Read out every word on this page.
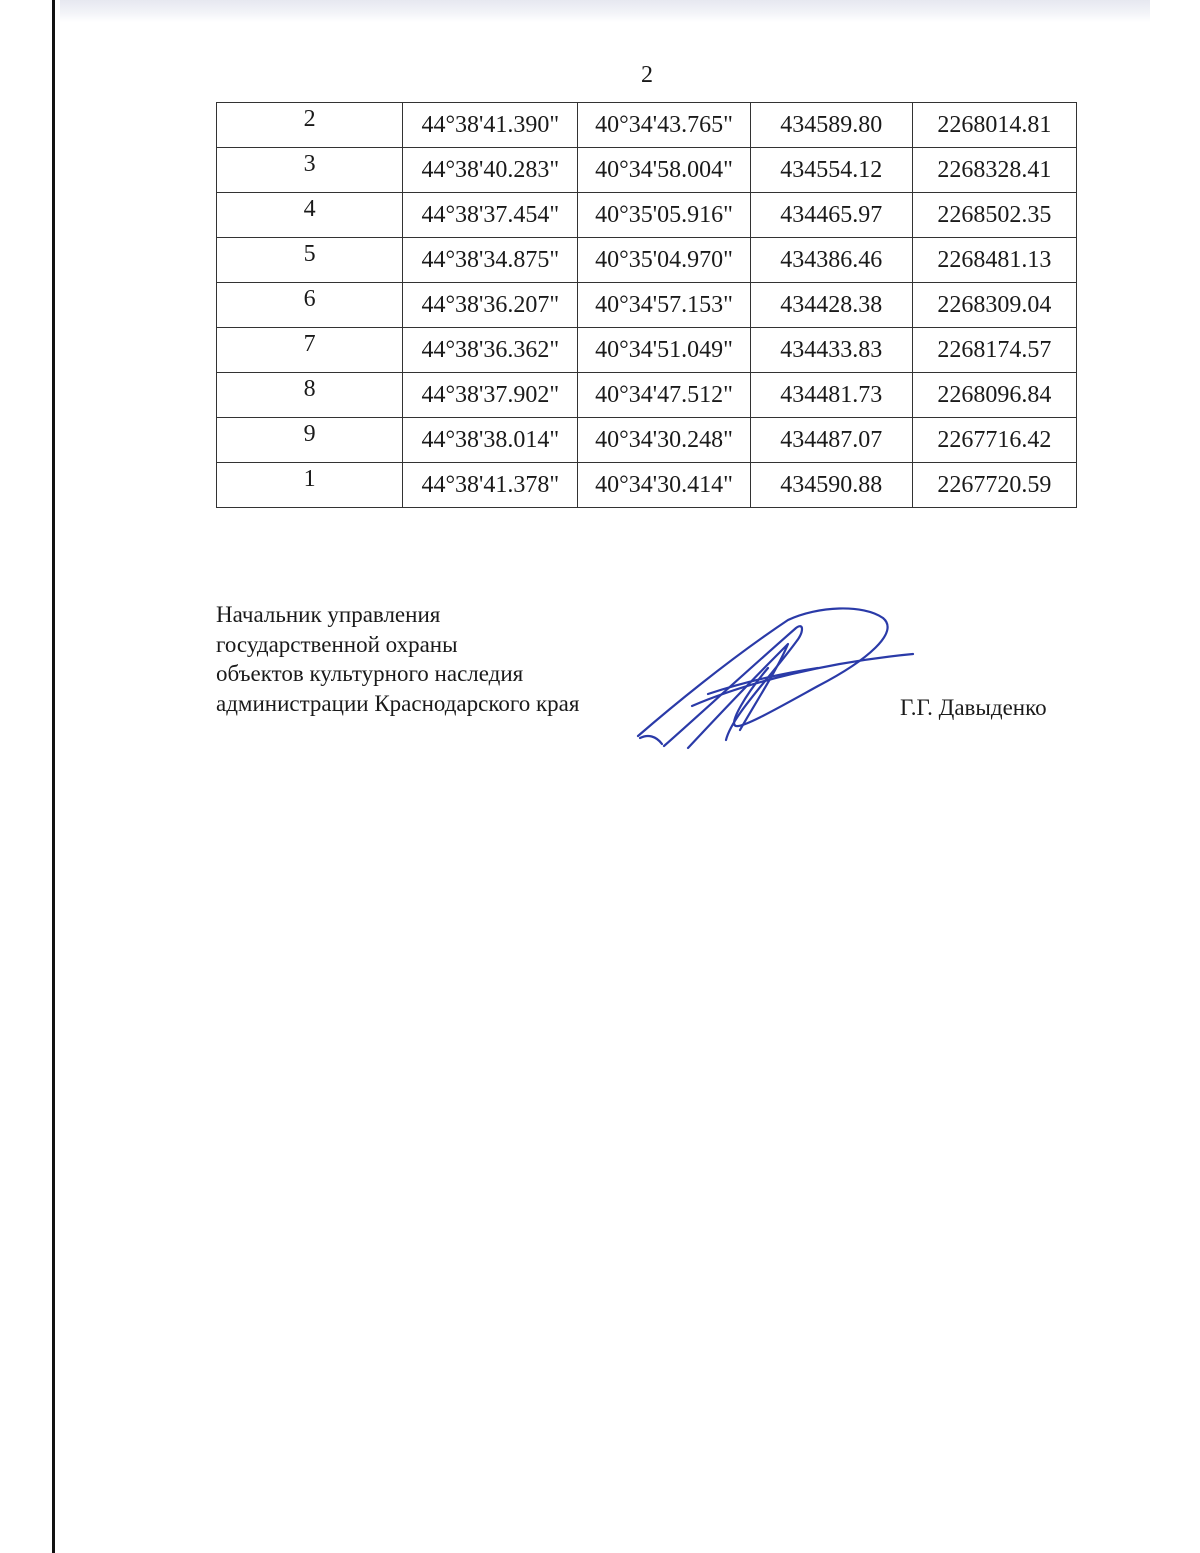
2
2	44°38'41.390"	40°34'43.765"	434589.80	2268014.81
3	44°38'40.283"	40°34'58.004"	434554.12	2268328.41
4	44°38'37.454"	40°35'05.916"	434465.97	2268502.35
5	44°38'34.875"	40°35'04.970"	434386.46	2268481.13
6	44°38'36.207"	40°34'57.153"	434428.38	2268309.04
7	44°38'36.362"	40°34'51.049"	434433.83	2268174.57
8	44°38'37.902"	40°34'47.512"	434481.73	2268096.84
9	44°38'38.014"	40°34'30.248"	434487.07	2267716.42
1	44°38'41.378"	40°34'30.414"	434590.88	2267720.59
Начальник управления
государственной охраны
объектов культурного наследия
администрации Краснодарского края	Г.Г. Давыденко
